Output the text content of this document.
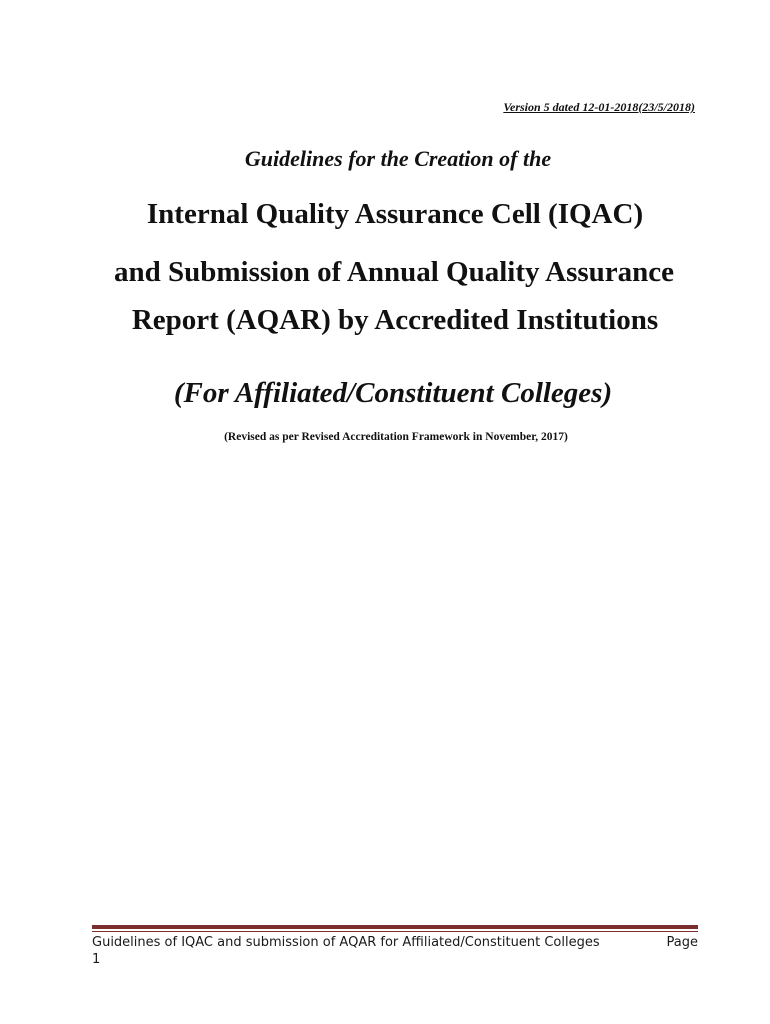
Version 5 dated 12-01-2018(23/5/2018)
Guidelines for the Creation of the
Internal Quality Assurance Cell (IQAC)
and Submission of Annual Quality Assurance
Report (AQAR) by Accredited Institutions
(For Affiliated/Constituent Colleges)
(Revised as per Revised Accreditation Framework in November, 2017)
Guidelines of IQAC and submission of AQAR for Affiliated/Constituent Colleges	Page
1
